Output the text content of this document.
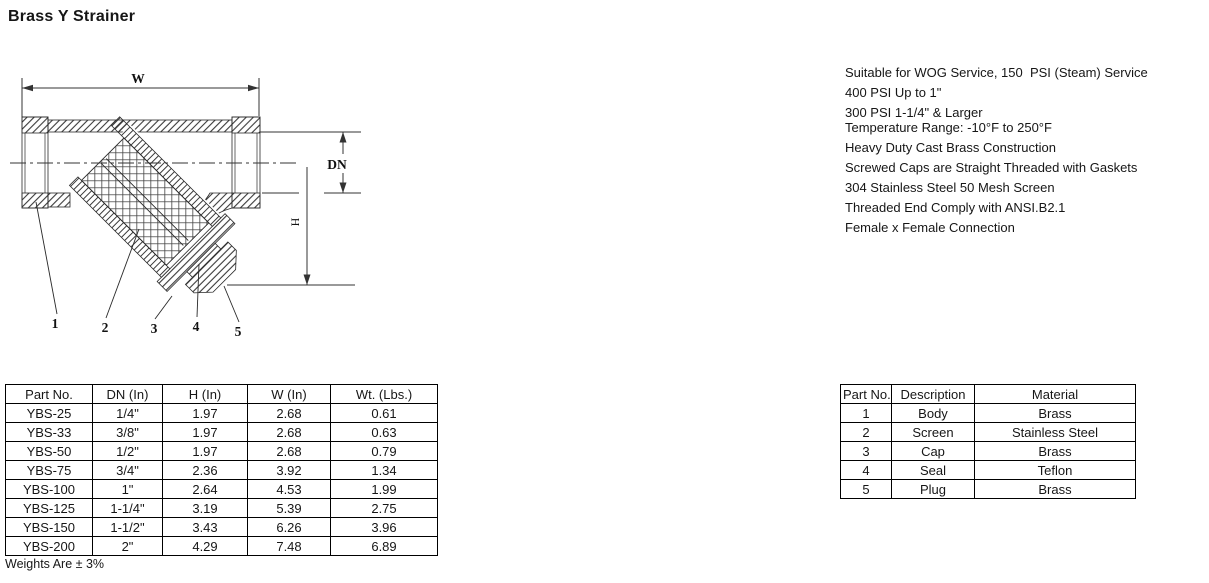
Brass Y Strainer
W
DN
H
1	2	3	4	5
Suitable for WOG Service, 150  PSI (Steam) Service
400 PSI Up to 1"
300 PSI 1-1/4" & Larger
Temperature Range: -10°F to 250°F
Heavy Duty Cast Brass Construction
Screwed Caps are Straight Threaded with Gaskets
304 Stainless Steel 50 Mesh Screen
Threaded End Comply with ANSI.B2.1
Female x Female Connection
Part No.	DN (In)	H (In)	W (In)	Wt. (Lbs.)
YBS-25	1/4"	1.97	2.68	0.61
YBS-33	3/8"	1.97	2.68	0.63
YBS-50	1/2"	1.97	2.68	0.79
YBS-75	3/4"	2.36	3.92	1.34
YBS-100	1"	2.64	4.53	1.99
YBS-125	1-1/4"	3.19	5.39	2.75
YBS-150	1-1/2"	3.43	6.26	3.96
YBS-200	2"	4.29	7.48	6.89
Part No.	Description	Material
1	Body	Brass
2	Screen	Stainless Steel
3	Cap	Brass
4	Seal	Teflon
5	Plug	Brass
Weights Are ± 3%
